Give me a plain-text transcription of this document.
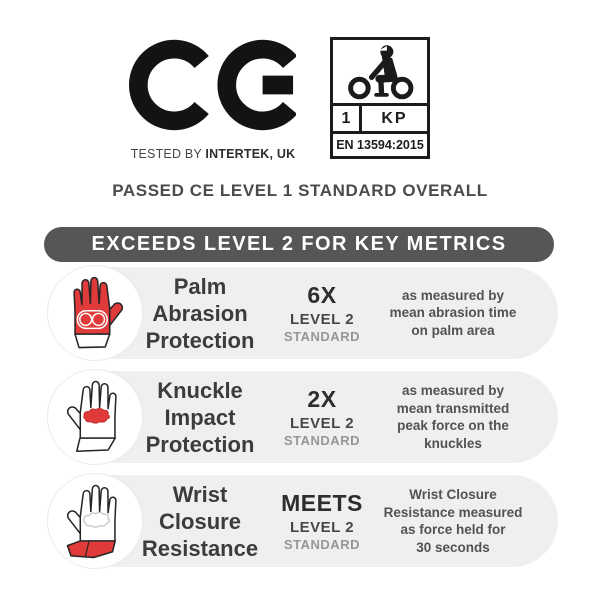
TESTED BY INTERTEK, UK
1	KP
EN 13594:2015
PASSED CE LEVEL 1 STANDARD OVERALL
EXCEEDS LEVEL 2 FOR KEY METRICS
Palm
Abrasion
Protection
6X
LEVEL 2
STANDARD
as measured by
mean abrasion time
on palm area
Knuckle
Impact
Protection
2X
LEVEL 2
STANDARD
as measured by
mean transmitted
peak force on the
knuckles
Wrist
Closure
Resistance
MEETS
LEVEL 2
STANDARD
Wrist Closure
Resistance measured
as force held for
30 seconds
